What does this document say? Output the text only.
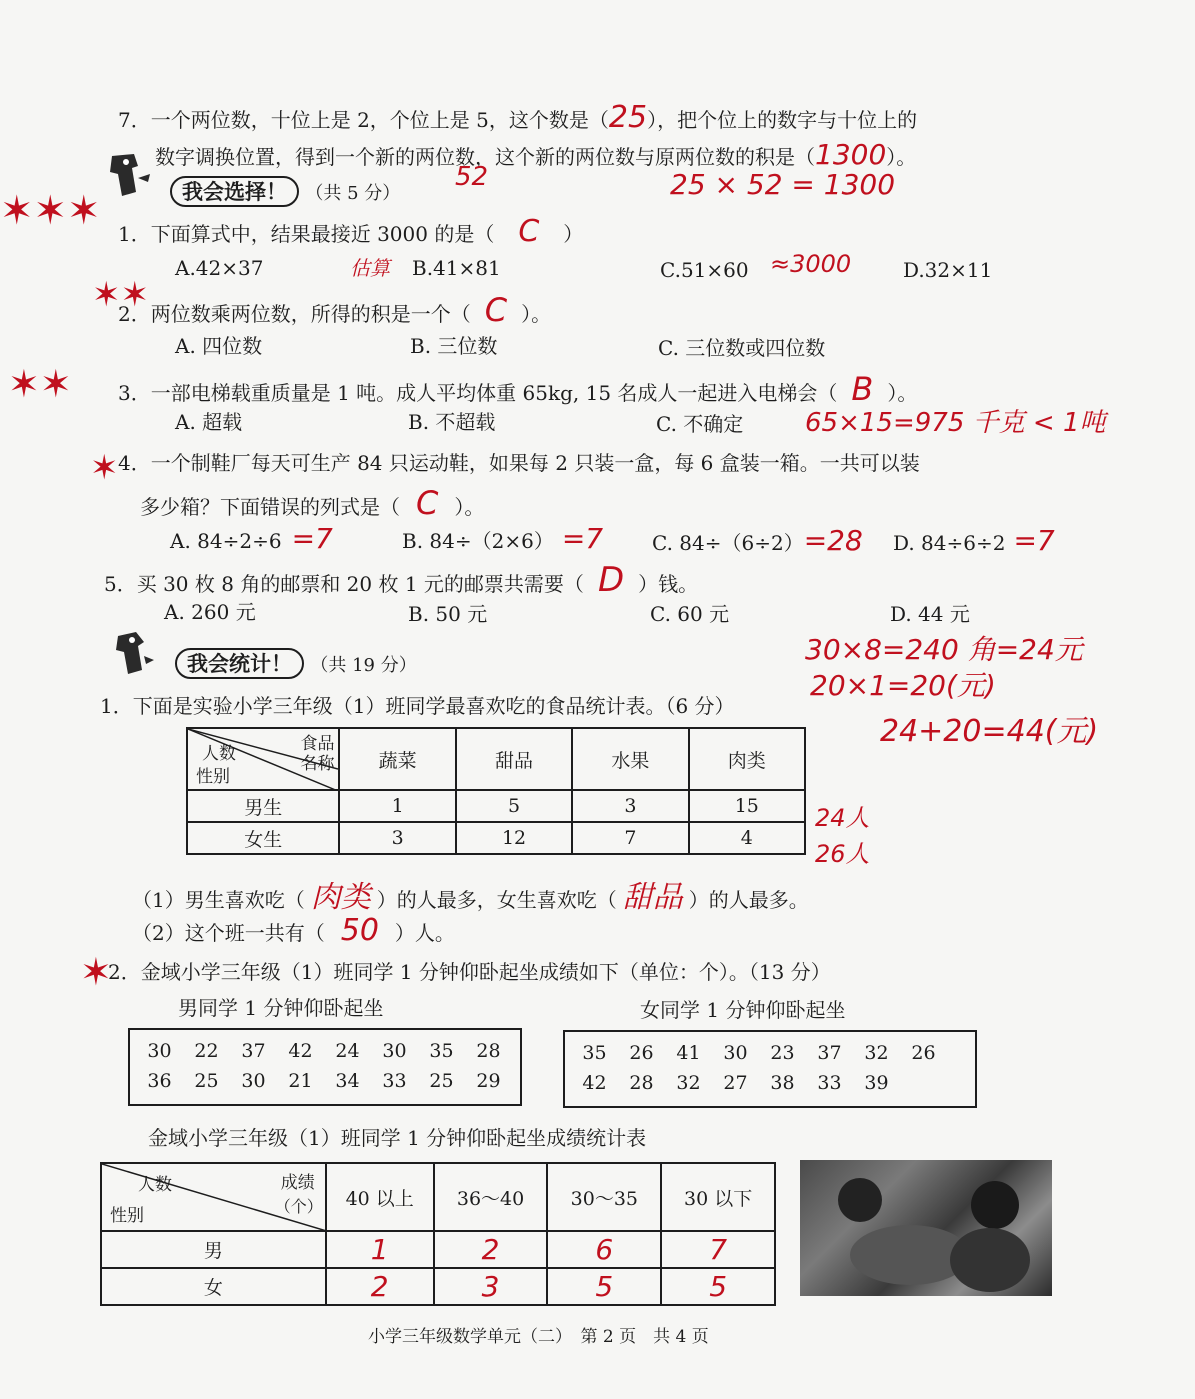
7．一个两位数，十位上是 2，个位上是 5，这个数是（25），把个位上的数字与十位上的
数字调换位置，得到一个新的两位数，这个新的两位数与原两位数的积是（1300）。
52	25 × 52 = 1300
我会选择！ （共 5 分）
✶✶✶ 1．下面算式中，结果最接近 3000 的是（ C ）
A.42×37	估算 B.41×81	C.51×60 ≈3000	D.32×11
✶✶
2．两位数乘两位数，所得的积是一个（ C ）。
A. 四位数	B. 三位数	C. 三位数或四位数
✶✶ 3．一部电梯载重质量是 1 吨。成人平均体重 65kg, 15 名成人一起进入电梯会（ B ）。
A. 超载	B. 不超载	C. 不确定 65×15=975 千克 < 1吨
✶ 4．一个制鞋厂每天可生产 84 只运动鞋，如果每 2 只装一盒，每 6 盒装一箱。一共可以装
多少箱？下面错误的列式是（ C ）。
A. 84÷2÷6 =7	B. 84÷（2×6） =7 C. 84÷（6÷2）=28 D. 84÷6÷2 =7
5．买 30 枚 8 角的邮票和 20 枚 1 元的邮票共需要（ D ）钱。
A. 260 元	B. 50 元	C. 60 元	D. 44 元
30×8=240 角=24元
20×1=20(元)
24+20=44(元)
我会统计！ （共 19 分）
1．下面是实验小学三年级（1）班同学最喜欢吃的食品统计表。（6 分）
食品
名称
人数
性别	蔬菜	甜品	水果	肉类
男生	1	5	3	15
女生	3	12	7	4
24人
26人
（1）男生喜欢吃（ 肉类 ）的人最多，女生喜欢吃（ 甜品 ）的人最多。
（2）这个班一共有（ 50 ）人。
✶
2．金域小学三年级（1）班同学 1 分钟仰卧起坐成绩如下（单位：个）。（13 分）
男同学 1 分钟仰卧起坐	女同学 1 分钟仰卧起坐
30	22	37	42	24	30	35	28
36	25	30	21	34	33	25	29
35	26	41	30	23	37	32	26
42	28	32	27	38	33	39
金域小学三年级（1）班同学 1 分钟仰卧起坐成绩统计表
人数 成绩
（个）
性别	40 以上	36～40	30～35	30 以下
男	1	2	6	7
女	2	3	5	5
小学三年级数学单元（二）　第 2 页　共 4 页
